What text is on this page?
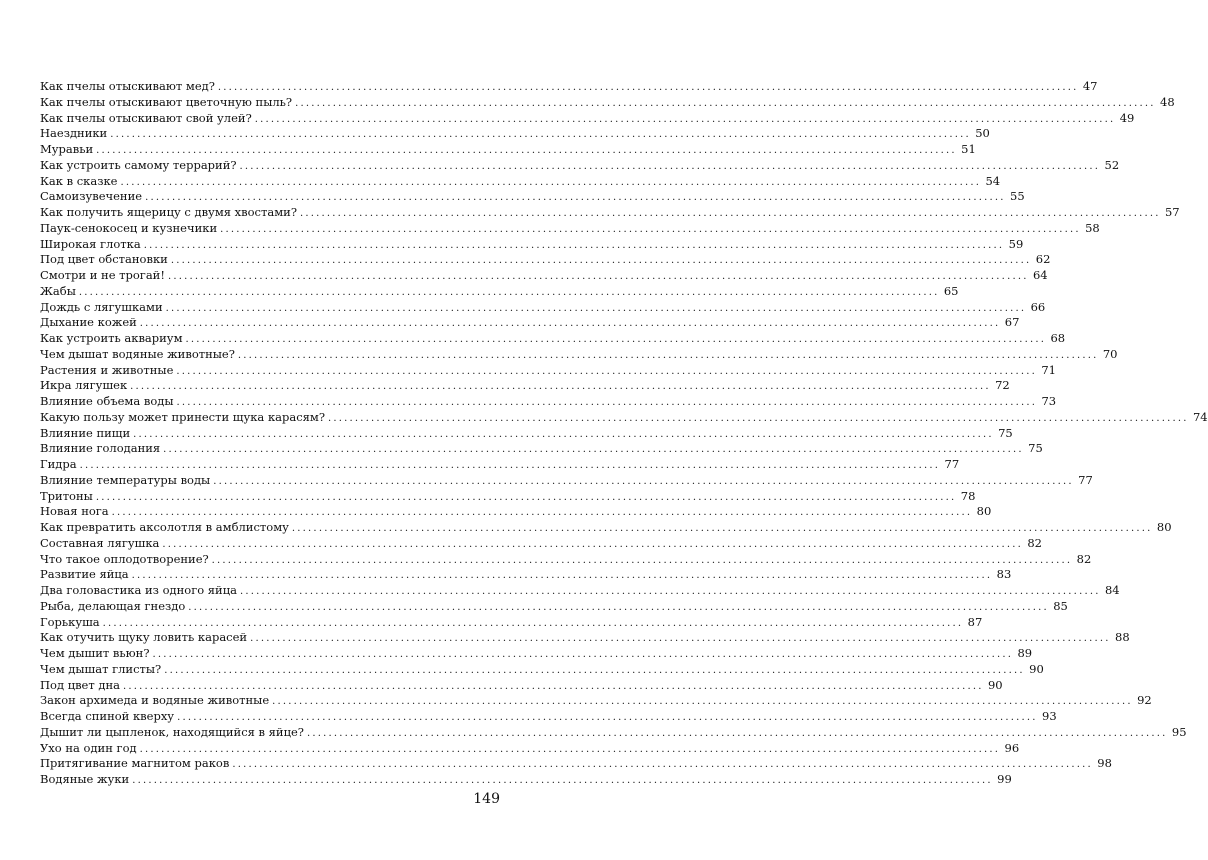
Как пчелы отыскивают мед? ................................................................................................................................................................ 47
Как пчелы отыскивают цветочную пыль? ................................................................................................................................................................ 48
Как пчелы отыскивают свой улей? ................................................................................................................................................................ 49
Наездники ................................................................................................................................................................ 50
Муравьи ................................................................................................................................................................ 51
Как устроить самому террарий? ................................................................................................................................................................ 52
Как в сказке ................................................................................................................................................................ 54
Самоизувечение ................................................................................................................................................................ 55
Как получить ящерицу с двумя хвостами? ................................................................................................................................................................ 57
Паук-сенокосец и кузнечики ................................................................................................................................................................ 58
Широкая глотка ................................................................................................................................................................ 59
Под цвет обстановки ................................................................................................................................................................ 62
Смотри и не трогай! ................................................................................................................................................................ 64
Жабы ................................................................................................................................................................ 65
Дождь с лягушками ................................................................................................................................................................ 66
Дыхание кожей ................................................................................................................................................................ 67
Как устроить аквариум ................................................................................................................................................................ 68
Чем дышат водяные животные? ................................................................................................................................................................ 70
Растения и животные ................................................................................................................................................................ 71
Икра лягушек ................................................................................................................................................................ 72
Влияние объема воды ................................................................................................................................................................ 73
Какую пользу может принести щука карасям? ................................................................................................................................................................ 74
Влияние пищи ................................................................................................................................................................ 75
Влияние голодания ................................................................................................................................................................ 75
Гидра ................................................................................................................................................................ 77
Влияние температуры воды ................................................................................................................................................................ 77
Тритоны ................................................................................................................................................................ 78
Новая нога ................................................................................................................................................................ 80
Как превратить аксолотля в амблистому ................................................................................................................................................................ 80
Составная лягушка ................................................................................................................................................................ 82
Что такое оплодотворение? ................................................................................................................................................................ 82
Развитие яйца ................................................................................................................................................................ 83
Два головастика из одного яйца ................................................................................................................................................................ 84
Рыба, делающая гнездо ................................................................................................................................................................ 85
Горькуша ................................................................................................................................................................ 87
Как отучить щуку ловить карасей ................................................................................................................................................................ 88
Чем дышит вьюн? ................................................................................................................................................................ 89
Чем дышат глисты? ................................................................................................................................................................ 90
Под цвет дна ................................................................................................................................................................ 90
Закон архимеда и водяные животные ................................................................................................................................................................ 92
Всегда спиной кверху ................................................................................................................................................................ 93
Дышит ли цыпленок, находящийся в яйце? ................................................................................................................................................................ 95
Ухо на один год ................................................................................................................................................................ 96
Притягивание магнитом раков ................................................................................................................................................................ 98
Водяные жуки ................................................................................................................................................................ 99
149
